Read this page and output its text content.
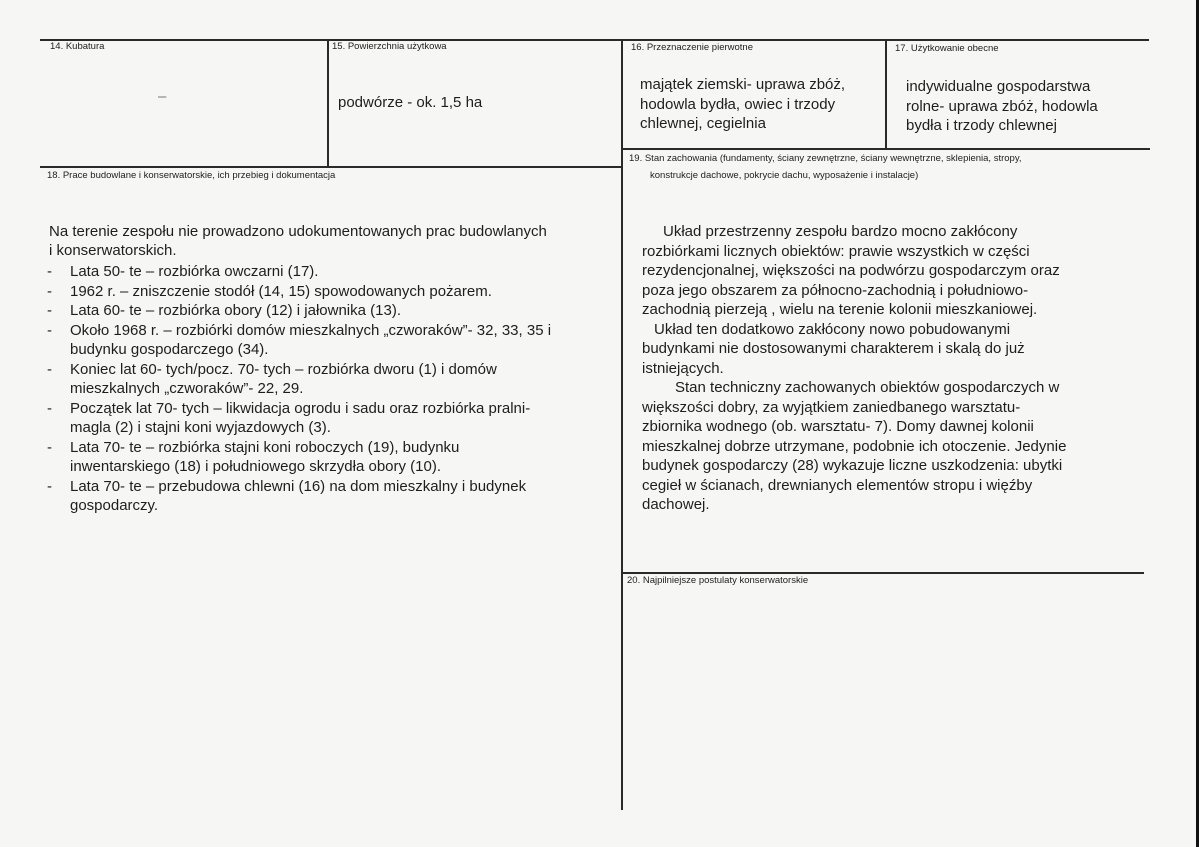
14. Kubatura
–
15. Powierzchnia użytkowa
podwórze - ok. 1,5 ha
16. Przeznaczenie pierwotne
majątek ziemski- uprawa zbóż,
hodowla bydła, owiec i trzody
chlewnej, cegielnia
17. Użytkowanie obecne
indywidualne gospodarstwa
rolne- uprawa zbóż, hodowla
bydła i trzody chlewnej
18. Prace budowlane i konserwatorskie, ich przebieg i dokumentacja
Na terenie zespołu nie prowadzono udokumentowanych prac budowlanych
i konserwatorskich.
- Lata 50- te – rozbiórka owczarni (17).
- 1962 r. – zniszczenie stodół (14, 15) spowodowanych pożarem.
- Lata 60- te – rozbiórka obory (12) i jałownika (13).
- Około 1968 r. – rozbiórki domów mieszkalnych „czworaków”- 32, 33, 35 i
budynku gospodarczego (34).
- Koniec lat 60- tych/pocz. 70- tych – rozbiórka dworu (1) i domów
mieszkalnych „czworaków”- 22, 29.
- Początek lat 70- tych – likwidacja ogrodu i sadu oraz rozbiórka pralni-
magla (2) i stajni koni wyjazdowych (3).
- Lata 70- te – rozbiórka stajni koni roboczych (19), budynku
inwentarskiego (18) i południowego skrzydła obory (10).
- Lata 70- te – przebudowa chlewni (16) na dom mieszkalny i budynek
gospodarczy.
19. Stan zachowania (fundamenty, ściany zewnętrzne, ściany wewnętrzne, sklepienia, stropy,
konstrukcje dachowe, pokrycie dachu, wyposażenie i instalacje)
Układ przestrzenny zespołu bardzo mocno zakłócony
rozbiórkami licznych obiektów: prawie wszystkich w części
rezydencjonalnej, większości na podwórzu gospodarczym oraz
poza jego obszarem za północno-zachodnią i południowo-
zachodnią pierzeją , wielu na terenie kolonii mieszkaniowej.
Układ ten dodatkowo zakłócony nowo pobudowanymi
budynkami nie dostosowanymi charakterem i skalą do już
istniejących.
Stan techniczny zachowanych obiektów gospodarczych w
większości dobry, za wyjątkiem zaniedbanego warsztatu-
zbiornika wodnego (ob. warsztatu- 7). Domy dawnej kolonii
mieszkalnej dobrze utrzymane, podobnie ich otoczenie. Jedynie
budynek gospodarczy (28) wykazuje liczne uszkodzenia: ubytki
cegieł w ścianach, drewnianych elementów stropu i więźby
dachowej.
20. Najpilniejsze postulaty konserwatorskie
